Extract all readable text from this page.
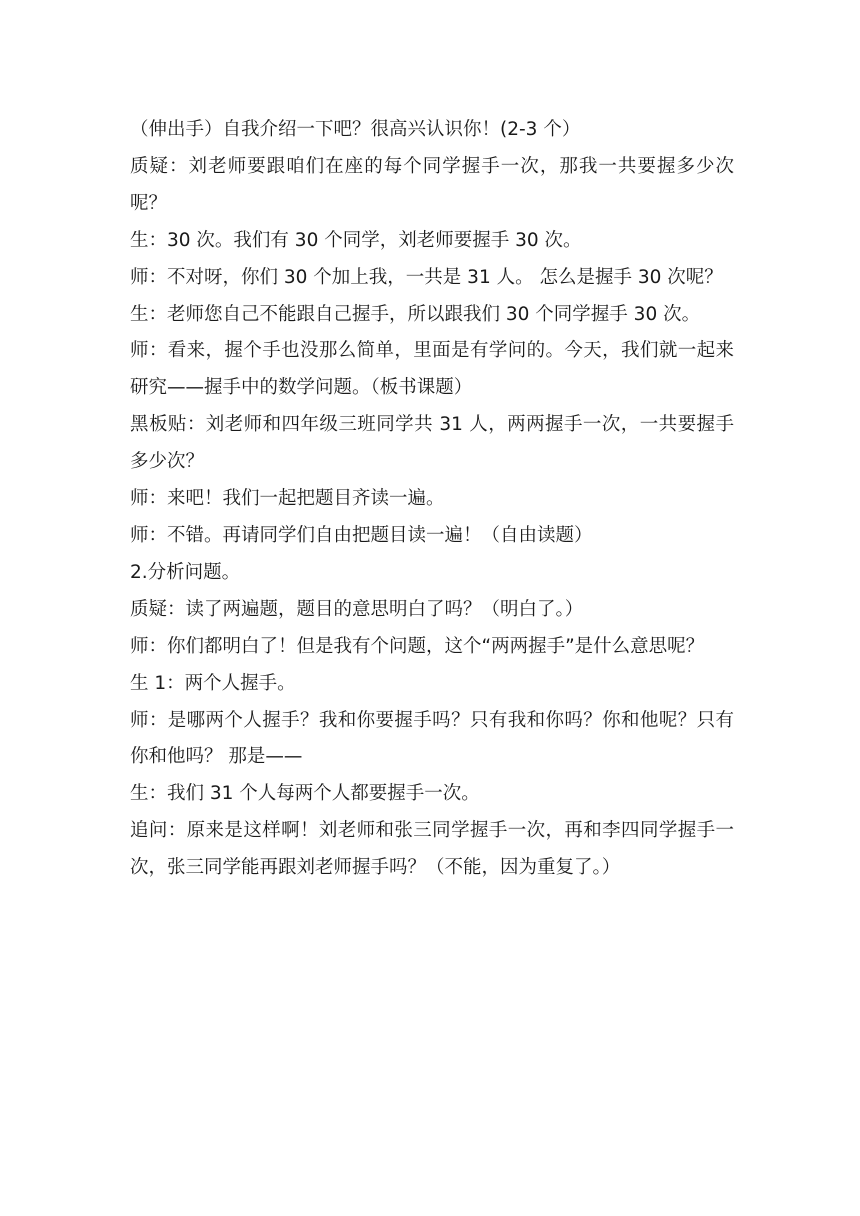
（伸出手）自我介绍一下吧？很高兴认识你！(2-3 个）

质疑：刘老师要跟咱们在座的每个同学握手一次，那我一共要握多少次呢？

生：30 次。我们有 30 个同学，刘老师要握手 30 次。

师：不对呀，你们 30 个加上我，一共是 31 人。 怎么是握手 30 次呢？

生：老师您自己不能跟自己握手，所以跟我们 30 个同学握手 30 次。

师：看来，握个手也没那么简单，里面是有学问的。今天，我们就一起来研究——握手中的数学问题。（板书课题）

黑板贴：刘老师和四年级三班同学共 31 人，两两握手一次，一共要握手多少次？

师：来吧！我们一起把题目齐读一遍。

师：不错。再请同学们自由把题目读一遍！（自由读题）

2.分析问题。

质疑：读了两遍题，题目的意思明白了吗？（明白了。）

师：你们都明白了！但是我有个问题，这个“两两握手”是什么意思呢？

生 1：两个人握手。

师：是哪两个人握手？我和你要握手吗？只有我和你吗？你和他呢？只有你和他吗？ 那是——

生：我们 31 个人每两个人都要握手一次。

追问：原来是这样啊！刘老师和张三同学握手一次，再和李四同学握手一次，张三同学能再跟刘老师握手吗？（不能，因为重复了。）
